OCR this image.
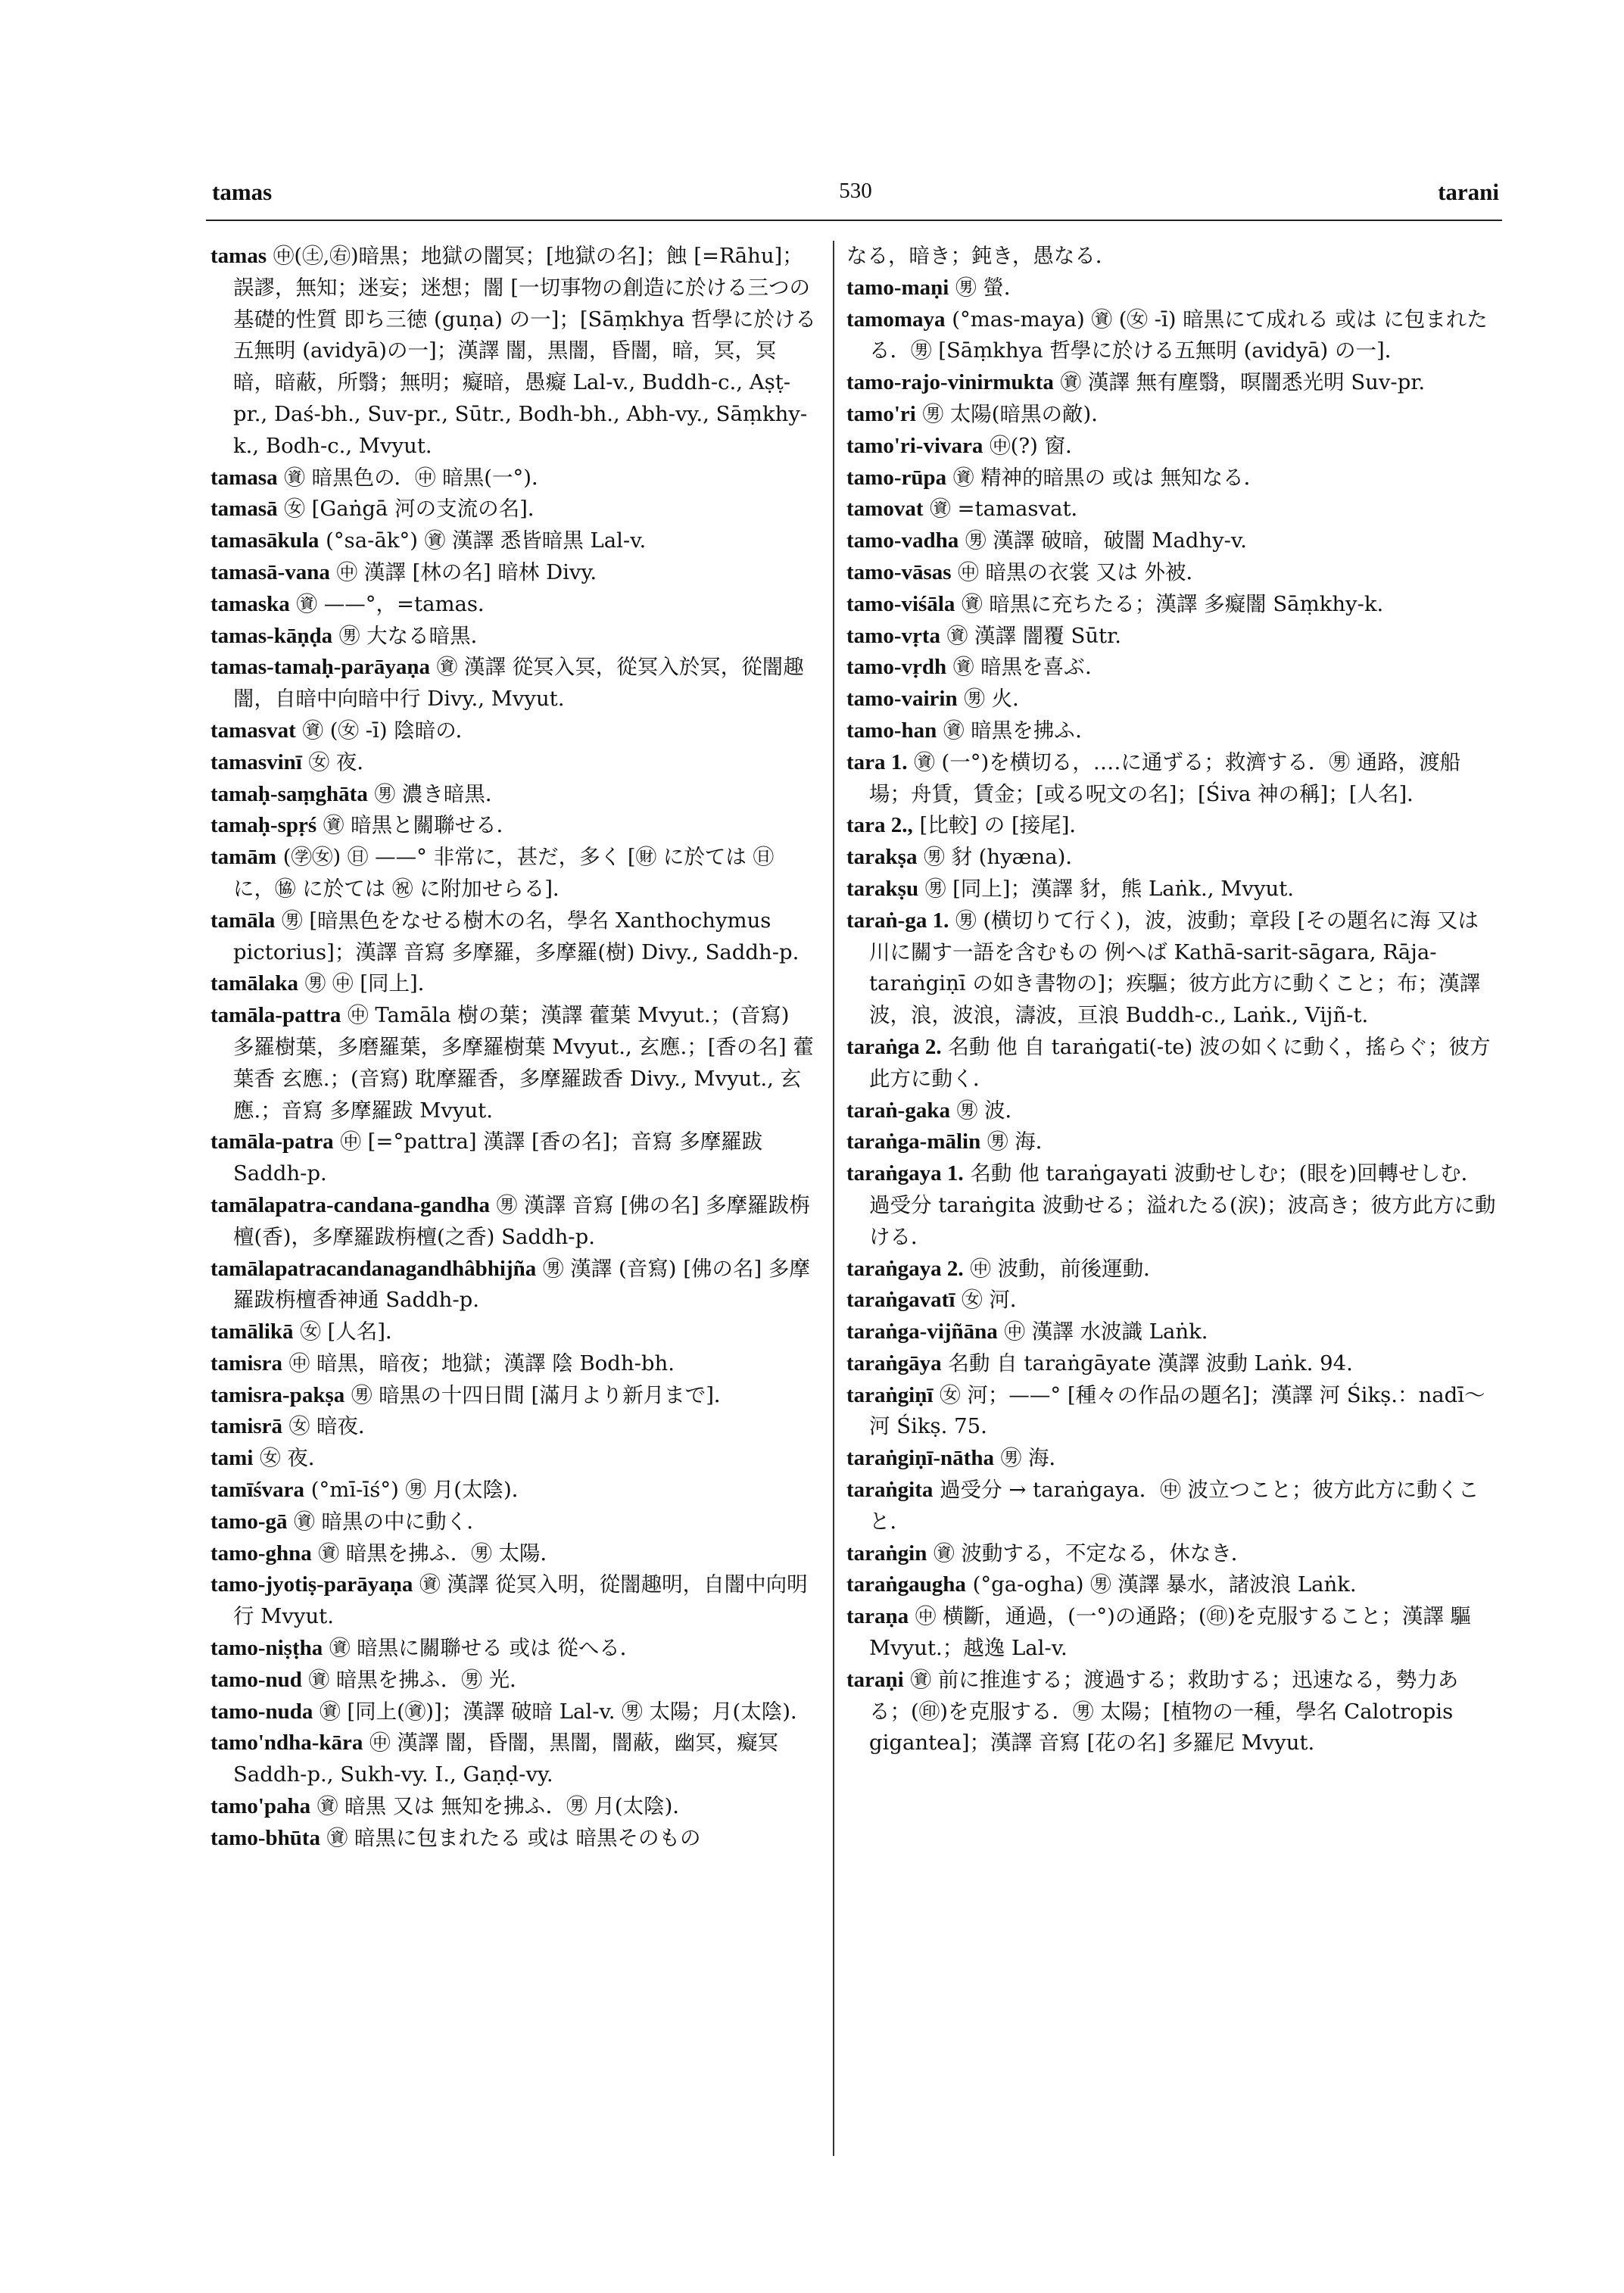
tamas	530	tarani
tamas ㊥(㊏,㊨)暗黒；地獄の闇冥；[地獄の名]；蝕 [=Rāhu]；誤謬，無知；迷妄；迷想；闇 [一切事物の創造に於ける三つの基礎的性質 即ち三徳 (guṇa) の一]；[Sāṃkhya 哲學に於ける五無明 (avidyā)の一]；漢譯 闇，黒闇，昏闇，暗，冥，冥暗，暗蔽，所翳；無明；癡暗，愚癡 Lal-v., Buddh-c., Aṣṭ-pr., Daś-bh., Suv-pr., Sūtr., Bodh-bh., Abh-vy., Sāṃkhy-k., Bodh-c., Mvyut.
tamasa ㊮ 暗黒色の．㊥ 暗黒(一°)．
tamasā ㊛ [Gaṅgā 河の支流の名]．
tamasākula (°sa-āk°) ㊮ 漢譯 悉皆暗黒 Lal-v.
tamasā-vana ㊥ 漢譯 [林の名] 暗林 Divy.
tamaska ㊮ ——°，=tamas．
tamas-kāṇḍa ㊚ 大なる暗黒．
tamas-tamaḥ-parāyaṇa ㊮ 漢譯 從冥入冥，從冥入於冥，從闇趣闇，自暗中向暗中行 Divy., Mvyut.
tamasvat ㊮ (㊛ -ī) 陰暗の．
tamasvinī ㊛ 夜．
tamaḥ-saṃghāta ㊚ 濃き暗黒．
tamaḥ-spṛś ㊮ 暗黒と關聯せる．
tamām (㊫㊛) ㊐ ——° 非常に，甚だ，多く [㊖ に於ては ㊐ に，㊯ に於ては ㊗ に附加せらる]．
tamāla ㊚ [暗黒色をなせる樹木の名，學名 Xanthochymus pictorius]；漢譯 音寫 多摩羅，多摩羅(樹) Divy., Saddh-p.
tamālaka ㊚ ㊥ [同上]．
tamāla-pattra ㊥ Tamāla 樹の葉；漢譯 藿葉 Mvyut.；(音寫) 多羅樹葉，多磨羅葉，多摩羅樹葉 Mvyut., 玄應.；[香の名] 藿葉香 玄應.；(音寫) 耽摩羅香，多摩羅跋香 Divy., Mvyut., 玄應.；音寫 多摩羅跋 Mvyut.
tamāla-patra ㊥ [=°pattra] 漢譯 [香の名]；音寫 多摩羅跋 Saddh-p.
tamālapatra-candana-gandha ㊚ 漢譯 音寫 [佛の名] 多摩羅跋栴檀(香)，多摩羅跋栴檀(之香) Saddh-p.
tamālapatracandanagandhâbhijña ㊚ 漢譯 (音寫) [佛の名] 多摩羅跋栴檀香神通 Saddh-p.
tamālikā ㊛ [人名]．
tamisra ㊥ 暗黒，暗夜；地獄；漢譯 陰 Bodh-bh.
tamisra-pakṣa ㊚ 暗黒の十四日間 [滿月より新月まで]．
tamisrā ㊛ 暗夜．
tami ㊛ 夜．
tamīśvara (°mī-īś°) ㊚ 月(太陰)．
tamo-gā ㊮ 暗黒の中に動く．
tamo-ghna ㊮ 暗黒を拂ふ．㊚ 太陽．
tamo-jyotiṣ-parāyaṇa ㊮ 漢譯 從冥入明，從闇趣明，自闇中向明行 Mvyut.
tamo-niṣṭha ㊮ 暗黒に關聯せる 或は 從へる．
tamo-nud ㊮ 暗黒を拂ふ．㊚ 光．
tamo-nuda ㊮ [同上(㊮)]；漢譯 破暗 Lal-v. ㊚ 太陽；月(太陰)．
tamo'ndha-kāra ㊥ 漢譯 闇，昏闇，黒闇，闇蔽，幽冥，癡冥 Saddh-p., Sukh-vy. I., Gaṇḍ-vy.
tamo'paha ㊮ 暗黒 又は 無知を拂ふ．㊚ 月(太陰)．
tamo-bhūta ㊮ 暗黒に包まれたる 或は 暗黒そのもの
なる，暗き；鈍き，愚なる．
tamo-maṇi ㊚ 螢．
tamomaya (°mas-maya) ㊮ (㊛ -ī) 暗黒にて成れる 或は に包まれたる．㊚ [Sāṃkhya 哲學に於ける五無明 (avidyā) の一]．
tamo-rajo-vinirmukta ㊮ 漢譯 無有塵翳，暝闇悉光明 Suv-pr.
tamo'ri ㊚ 太陽(暗黒の敵)．
tamo'ri-vivara ㊥(?) 窗．
tamo-rūpa ㊮ 精神的暗黒の 或は 無知なる．
tamovat ㊮ =tamasvat．
tamo-vadha ㊚ 漢譯 破暗，破闇 Madhy-v.
tamo-vāsas ㊥ 暗黒の衣裳 又は 外被．
tamo-viśāla ㊮ 暗黒に充ちたる；漢譯 多癡闇 Sāṃkhy-k.
tamo-vṛta ㊮ 漢譯 闇覆 Sūtr.
tamo-vṛdh ㊮ 暗黒を喜ぶ．
tamo-vairin ㊚ 火．
tamo-han ㊮ 暗黒を拂ふ．
tara 1. ㊮ (一°)を横切る，‥‥に通ずる；救濟する．㊚ 通路，渡船場；舟賃，賃金；[或る呪文の名]；[Śiva 神の稱]；[人名]．
tara 2., [比較] の [接尾]．
tarakṣa ㊚ 豺 (hyæna)．
tarakṣu ㊚ [同上]；漢譯 豺，熊 Laṅk., Mvyut.
taraṅ-ga 1. ㊚ (横切りて行く)，波，波動；章段 [その題名に海 又は 川に關す一語を含むもの 例へば Kathā-sarit-sāgara, Rāja-taraṅgiṇī の如き書物の]；疾驅；彼方此方に動くこと；布；漢譯 波，浪，波浪，濤波，亘浪 Buddh-c., Laṅk., Vijñ-t.
taraṅga 2. 名動 他 自 taraṅgati(-te) 波の如くに動く，搖らぐ；彼方此方に動く．
taraṅ-gaka ㊚ 波．
taraṅga-mālin ㊚ 海．
taraṅgaya 1. 名動 他 taraṅgayati 波動せしむ；(眼を)回轉せしむ．過受分 taraṅgita 波動せる；溢れたる(涙)；波高き；彼方此方に動ける．
taraṅgaya 2. ㊥ 波動，前後運動．
taraṅgavatī ㊛ 河．
taraṅga-vijñāna ㊥ 漢譯 水波識 Laṅk.
taraṅgāya 名動 自 taraṅgāyate 漢譯 波動 Laṅk. 94.
taraṅgiṇī ㊛ 河；——° [種々の作品の題名]；漢譯 河 Śikṣ.：nadī～ 河 Śikṣ. 75.
taraṅgiṇī-nātha ㊚ 海．
taraṅgita 過受分 → taraṅgaya．㊥ 波立つこと；彼方此方に動くこと．
taraṅgin ㊮ 波動する，不定なる，休なき．
taraṅgaugha (°ga-ogha) ㊚ 漢譯 暴水，諸波浪 Laṅk.
taraṇa ㊥ 横斷，通過，(一°)の通路；(㊞)を克服すること；漢譯 驅 Mvyut.；越逸 Lal-v.
taraṇi ㊮ 前に推進する；渡過する；救助する；迅速なる，勢力ある；(㊞)を克服する．㊚ 太陽；[植物の一種，學名 Calotropis gigantea]；漢譯 音寫 [花の名] 多羅尼 Mvyut.
